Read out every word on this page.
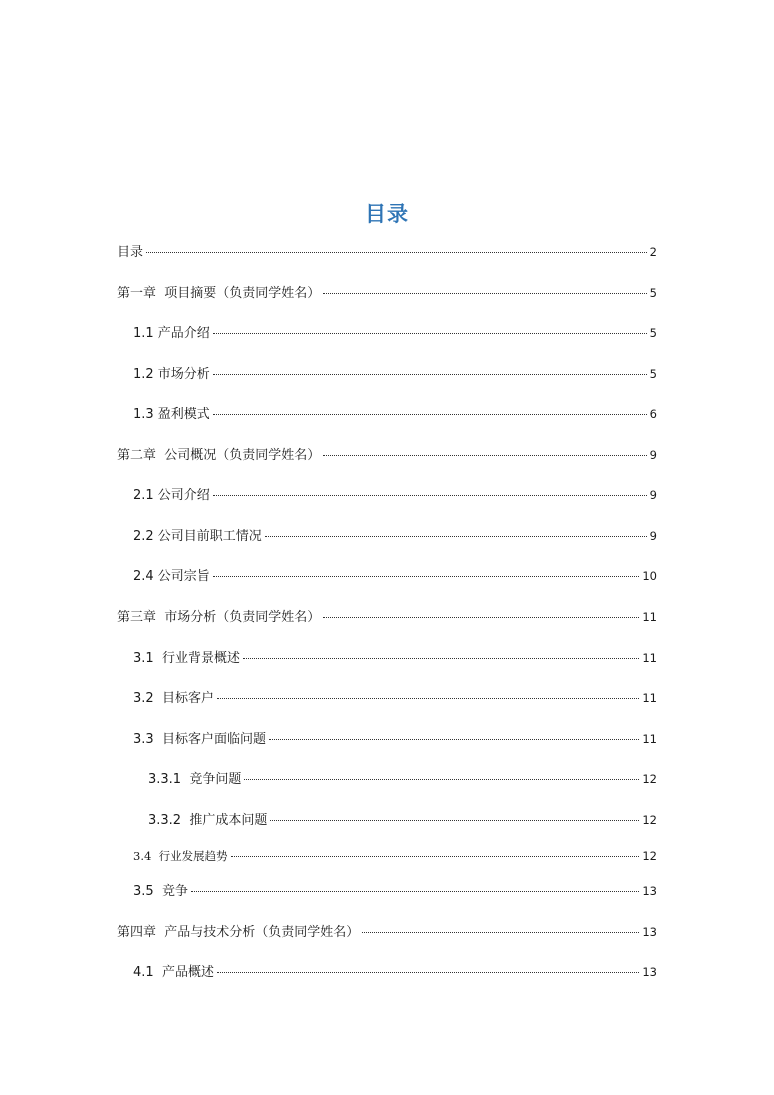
目录
目录	2
第一章  项目摘要（负责同学姓名）	5
1.1 产品介绍	5
1.2 市场分析	5
1.3 盈利模式	6
第二章  公司概况（负责同学姓名）	9
2.1 公司介绍	9
2.2 公司目前职工情况	9
2.4 公司宗旨	10
第三章  市场分析（负责同学姓名）	11
3.1  行业背景概述	11
3.2  目标客户	11
3.3  目标客户面临问题	11
3.3.1  竞争问题	12
3.3.2  推广成本问题	12
3.4  行业发展趋势	12
3.5  竞争	13
第四章  产品与技术分析（负责同学姓名）	13
4.1  产品概述	13
